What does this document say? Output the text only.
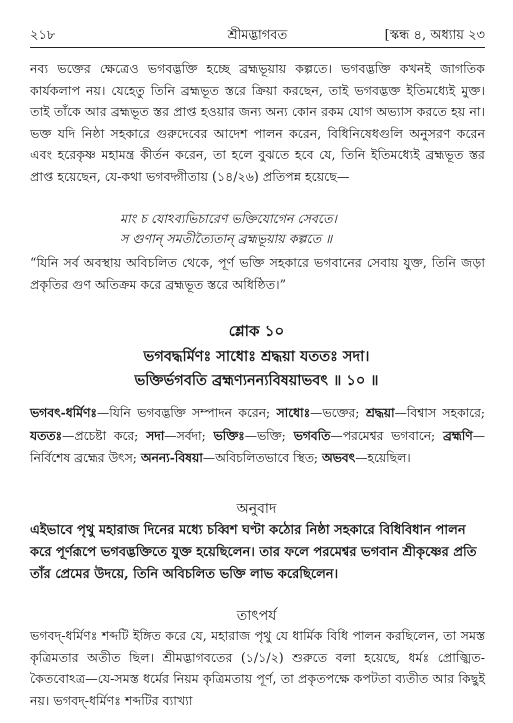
২১৮	শ্রীমদ্ভাগবত	[স্কন্ধ ৪, অধ্যায় ২৩
নব্য ভক্তের ক্ষেত্রেও ভগবদ্ভক্তি হচ্ছে ব্রহ্মভূয়ায় কল্পতে। ভগবদ্ভক্তি কখনই জাগতিক কার্যকলাপ নয়। যেহেতু তিনি ব্রহ্মভূত স্তরে ক্রিয়া করছেন, তাই ভগবদ্ভক্ত ইতিমধ্যেই মুক্ত। তাই তাঁকে আর ব্রহ্মভূত স্তর প্রাপ্ত হওয়ার জন্য অন্য কোন রকম যোগ অভ্যাস করতে হয় না। ভক্ত যদি নিষ্ঠা সহকারে গুরুদেবের আদেশ পালন করেন, বিধিনিষেধগুলি অনুসরণ করেন এবং হরেকৃষ্ণ মহামন্ত্র কীর্তন করেন, তা হলে বুঝতে হবে যে, তিনি ইতিমধ্যেই ব্রহ্মভূত স্তর প্রাপ্ত হয়েছেন, যে-কথা ভগবদ্গীতায় (১৪/২৬) প্রতিপন্ন হয়েছে—
মাং চ যোঽব্যভিচারেণ ভক্তিযোগেন সেবতে।
স গুণান্ সমতীত্যৈতান্ ব্রহ্মভূয়ায় কল্পতে ॥
“যিনি সর্ব অবস্থায় অবিচলিত থেকে, পূর্ণ ভক্তি সহকারে ভগবানের সেবায় যুক্ত, তিনি জড়া প্রকৃতির গুণ অতিক্রম করে ব্রহ্মভূত স্তরে অধিষ্ঠিত।”
শ্লোক ১০
ভগবদ্ধর্মিণঃ সাধোঃ শ্রদ্ধয়া যততঃ সদা।
ভক্তির্ভগবতি ব্রহ্মণ্যনন্যবিষয়াভবৎ ॥ ১০ ॥
ভগবৎ-ধর্মিণঃ—যিনি ভগবদ্ভক্তি সম্পাদন করেন; সাধোঃ—ভক্তের; শ্রদ্ধয়া—বিশ্বাস সহকারে; যততঃ—প্রচেষ্টা করে; সদা—সর্বদা; ভক্তিঃ—ভক্তি; ভগবতি—পরমেশ্বর ভগবানে; ব্রহ্মণি—নির্বিশেষ ব্রহ্মের উৎস; অনন্য-বিষয়া—অবিচলিতভাবে স্থিত; অভবৎ—হয়েছিল।
অনুবাদ
এইভাবে পৃথু মহারাজ দিনের মধ্যে চব্বিশ ঘণ্টা কঠোর নিষ্ঠা সহকারে বিধিবিধান পালন করে পূর্ণরূপে ভগবদ্ভক্তিতে যুক্ত হয়েছিলেন। তার ফলে পরমেশ্বর ভগবান শ্রীকৃষ্ণের প্রতি তাঁর প্রেমের উদয়ে, তিনি অবিচলিত ভক্তি লাভ করেছিলেন।
তাৎপর্য
ভগবদ্-ধর্মিণঃ শব্দটি ইঙ্গিত করে যে, মহারাজ পৃথু যে ধার্মিক বিধি পালন করছিলেন, তা সমস্ত কৃত্রিমতার অতীত ছিল। শ্রীমদ্ভাগবতের (১/১/২) শুরুতে বলা হয়েছে, ধর্মঃ প্রোজ্ঝিত-কৈতবোঽত্র—যে-সমস্ত ধর্মের নিয়ম কৃত্রিমতায় পূর্ণ, তা প্রকৃতপক্ষে কপটতা ব্যতীত আর কিছুই নয়। ভগবদ্-ধর্মিণঃ শব্দটির ব্যাখ্যা
